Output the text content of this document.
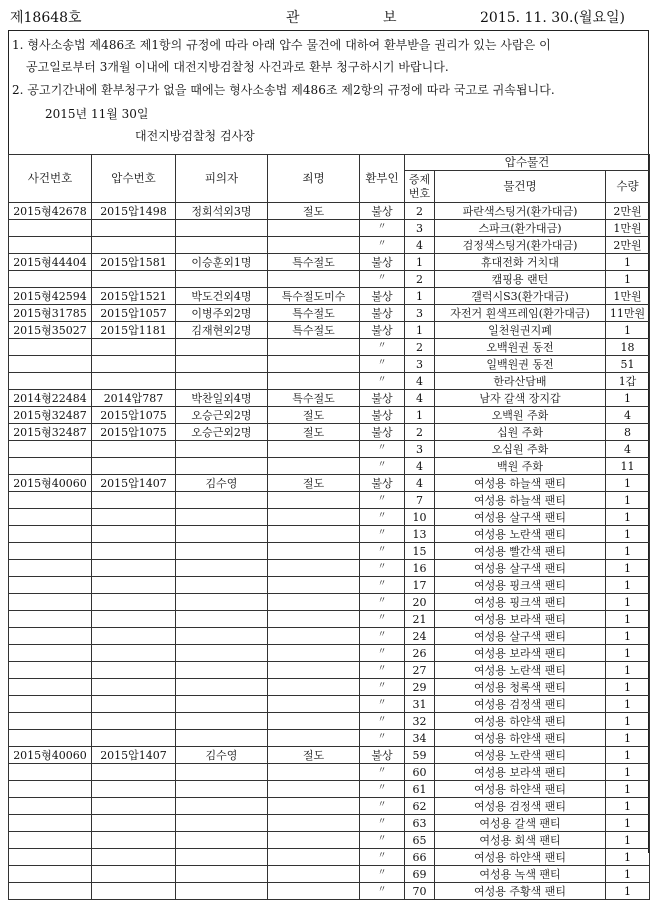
제18648호	관	보	2015. 11. 30.(월요일)
1. 형사소송법 제486조 제1항의 규정에 따라 아래 압수 물건에 대하여 환부받을 권리가 있는 사람은 이
공고일로부터 3개월 이내에 대전지방검찰청 사건과로 환부 청구하시기 바랍니다.
2. 공고기간내에 환부청구가 없을 때에는 형사소송법 제486조 제2항의 규정에 따라 국고로 귀속됩니다.
2015년 11월 30일
대전지방검찰청 검사장
사건번호	압수번호	피의자	죄명	환부인	압수물건		
					증제번호	물건명	수량
2015형42678	2015압1498	정회석외3명	절도	불상	2	파란색스팅거(환가대금)	2만원
				〃	3	스파크(환가대금)	1만원
				〃	4	검정색스팅거(환가대금)	2만원
2015형44404	2015압1581	이승훈외1명	특수절도	불상	1	휴대전화 거치대	1
				〃	2	캠핑용 랜턴	1
2015형42594	2015압1521	박도건외4명	특수절도미수	불상	1	갤럭시S3(환가대금)	1만원
2015형31785	2015압1057	이병주외2명	특수절도	불상	3	자전거 흰색프레임(환가대금)	11만원
2015형35027	2015압1181	김재현외2명	특수절도	불상	1	일천원권지폐	1
				〃	2	오백원권 동전	18
				〃	3	일백원권 동전	51
				〃	4	한라산담배	1갑
2014형22484	2014압787	박찬일외4명	특수절도	불상	4	남자 갈색 장지갑	1
2015형32487	2015압1075	오승근외2명	절도	불상	1	오백원 주화	4
2015형32487	2015압1075	오승근외2명	절도	불상	2	십원 주화	8
				〃	3	오십원 주화	4
				〃	4	백원 주화	11
2015형40060	2015압1407	김수영	절도	불상	4	여성용 하늘색 팬티	1
				〃	7	여성용 하늘색 팬티	1
				〃	10	여성용 살구색 팬티	1
				〃	13	여성용 노란색 팬티	1
				〃	15	여성용 빨간색 팬티	1
				〃	16	여성용 살구색 팬티	1
				〃	17	여성용 핑크색 팬티	1
				〃	20	여성용 핑크색 팬티	1
				〃	21	여성용 보라색 팬티	1
				〃	24	여성용 살구색 팬티	1
				〃	26	여성용 보라색 팬티	1
				〃	27	여성용 노란색 팬티	1
				〃	29	여성용 청록색 팬티	1
				〃	31	여성용 검정색 팬티	1
				〃	32	여성용 하얀색 팬티	1
				〃	34	여성용 하얀색 팬티	1
2015형40060	2015압1407	김수영	절도	불상	59	여성용 노란색 팬티	1
				〃	60	여성용 보라색 팬티	1
				〃	61	여성용 하얀색 팬티	1
				〃	62	여성용 검정색 팬티	1
				〃	63	여성용 갈색 팬티	1
				〃	65	여성용 회색 팬티	1
				〃	66	여성용 하얀색 팬티	1
				〃	69	여성용 녹색 팬티	1
				〃	70	여성용 주황색 팬티	1
